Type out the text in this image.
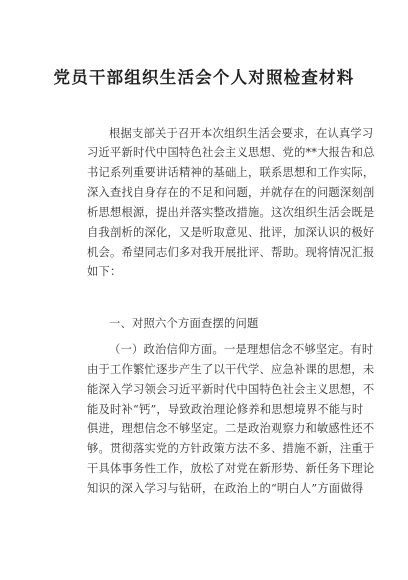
党员干部组织生活会个人对照检查材料
根据支部关于召开本次组织生活会要求，在认真学习
习近平新时代中国特色社会主义思想、党的**大报告和总
书记系列重要讲话精神的基础上，联系思想和工作实际，
深入查找自身存在的不足和问题，并就存在的问题深刻剖
析思想根源，提出并落实整改措施。这次组织生活会既是
自我剖析的深化，又是听取意见、批评，加深认识的极好
机会。希望同志们多对我开展批评、帮助。现将情况汇报
如下：
一、对照六个方面查摆的问题
（一）政治信仰方面。一是理想信念不够坚定。有时
由于工作繁忙逐步产生了以干代学、应急补课的思想，未
能深入学习领会习近平新时代中国特色社会主义思想，不
能及时补“钙”，导致政治理论修养和思想境界不能与时
俱进，理想信念不够坚定。二是政治观察力和敏感性还不
够。贯彻落实党的方针政策方法不多、措施不新，注重于
干具体事务性工作，放松了对党在新形势、新任务下理论
知识的深入学习与钻研，在政治上的“明白人”方面做得
